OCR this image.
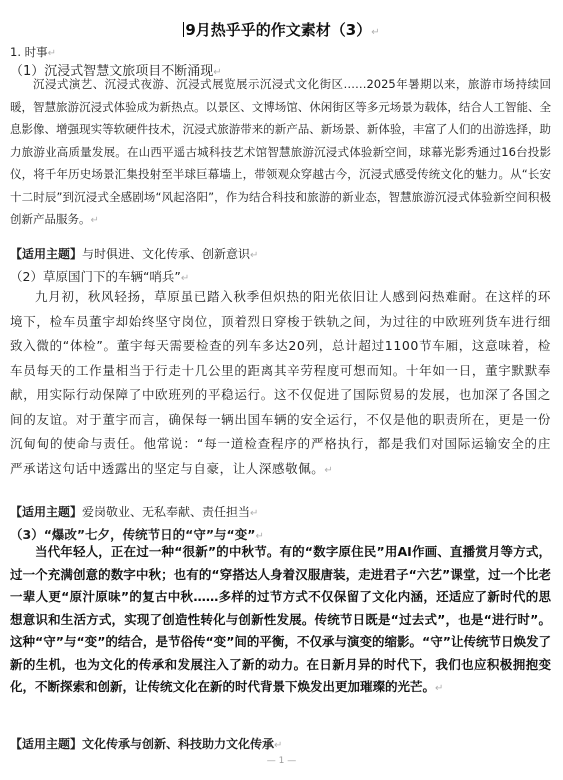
9月热乎乎的作文素材（3）↵
1. 时事↵
（1）沉浸式智慧文旅项目不断涌现↵

沉浸式演艺、沉浸式夜游、沉浸式展览展示沉浸式文化街区……2025年暑期以来，旅游市场持续回暖，智慧旅游沉浸式体验成为新热点。以景区、文博场馆、休闲街区等多元场景为载体，结合人工智能、全息影像、增强现实等软硬件技术，沉浸式旅游带来的新产品、新场景、新体验，丰富了人们的出游选择，助力旅游业高质量发展。在山西平遥古城科技艺术馆智慧旅游沉浸式体验新空间，球幕光影秀通过16台投影仪，将千年历史场景汇集投射至半球巨幕墙上，带领观众穿越古今，沉浸式感受传统文化的魅力。从“长安十二时辰”到沉浸式全感剧场“风起洛阳”，作为结合科技和旅游的新业态，智慧旅游沉浸式体验新空间积极创新产品服务。↵

【适用主题】与时俱进、文化传承、创新意识↵
（2）草原国门下的车辆“哨兵”↵

九月初，秋风轻扬，草原虽已踏入秋季但炽热的阳光依旧让人感到闷热难耐。在这样的环境下，检车员董宇却始终坚守岗位，顶着烈日穿梭于铁轨之间，为过往的中欧班列货车进行细致入微的“体检”。董宇每天需要检查的列车多达20列，总计超过1100节车厢，这意味着，检车员每天的工作量相当于行走十几公里的距离其辛劳程度可想而知。十年如一日，董宇默默奉献，用实际行动保障了中欧班列的平稳运行。这不仅促进了国际贸易的发展，也加深了各国之间的友谊。对于董宇而言，确保每一辆出国车辆的安全运行，不仅是他的职责所在，更是一份沉甸甸的使命与责任。他常说：“每一道检查程序的严格执行，都是我们对国际运输安全的庄严承诺这句话中透露出的坚定与自豪，让人深感敬佩。↵

【适用主题】爱岗敬业、无私奉献、责任担当↵
（3）“爆改”七夕，传统节日的“守”与“变”↵

当代年轻人，正在过一种“很新”的中秋节。有的“数字原住民”用AI作画、直播赏月等方式，过一个充满创意的数字中秋；也有的“穿搭达人身着汉服唐装，走进君子“六艺”课堂，过一个比老一辈人更“原汁原味”的复古中秋……多样的过节方式不仅保留了文化内涵，还适应了新时代的思想意识和生活方式，实现了创造性转化与创新性发展。传统节日既是“过去式”，也是“进行时”。这种“守”与“变”的结合，是节俗传“变”间的平衡，不仅承与演变的缩影。“守”让传统节日焕发了新的生机，也为文化的传承和发展注入了新的动力。在日新月异的时代下，我们也应积极拥抱变化，不断探索和创新，让传统文化在新的时代背景下焕发出更加璀璨的光芒。↵

【适用主题】文化传承与创新、科技助力文化传承↵
— 1 —
